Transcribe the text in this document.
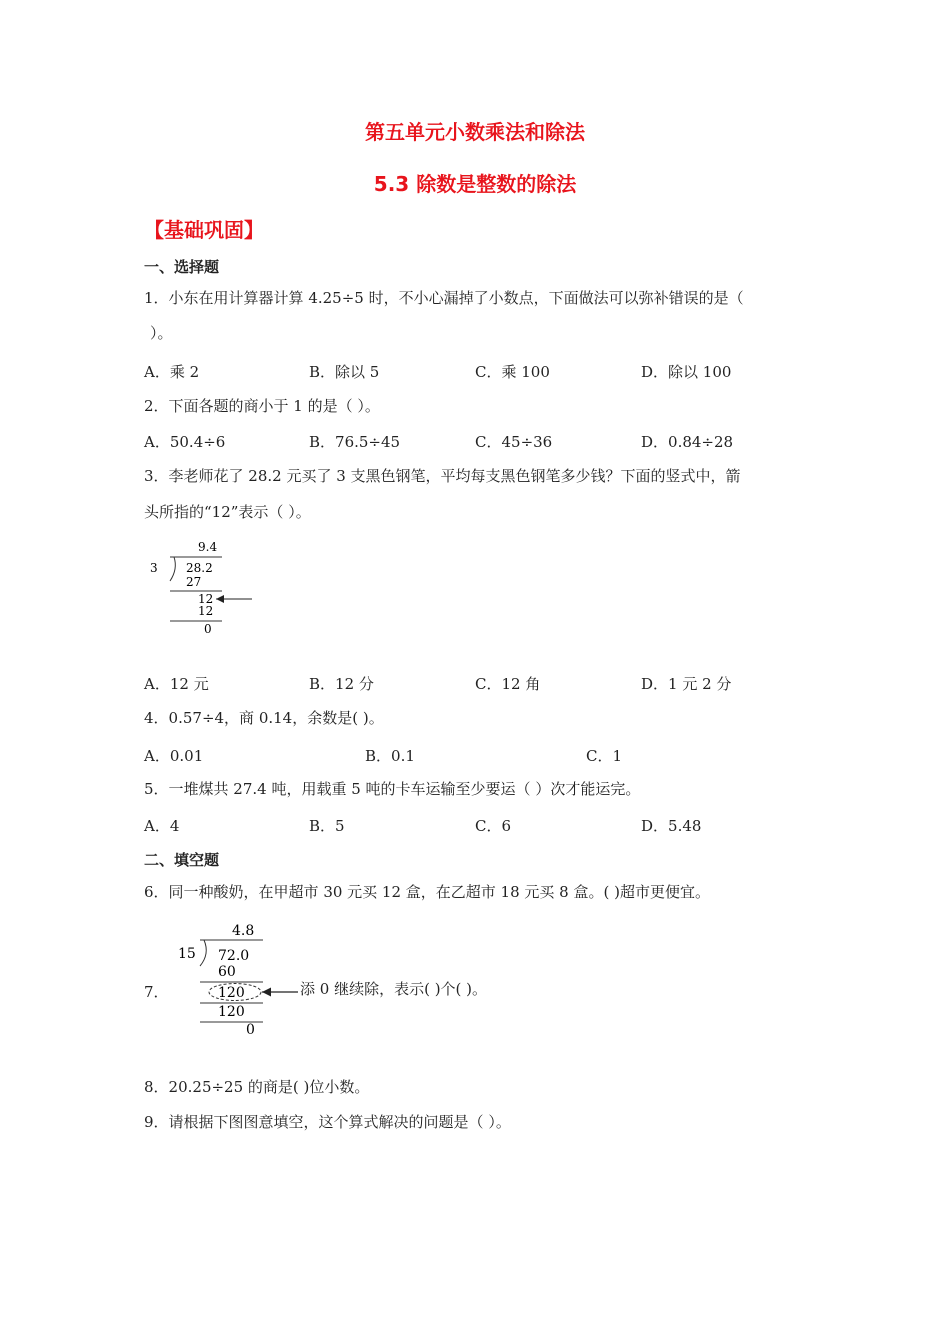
第五单元小数乘法和除法
5.3 除数是整数的除法
【基础巩固】
一、选择题
1．小东在用计算器计算 4.25÷5 时，不小心漏掉了小数点，下面做法可以弥补错误的是（
）。
A．乘 2	B．除以 5	C．乘 100	D．除以 100
2．下面各题的商小于 1 的是（ ）。
A．50.4÷6	B．76.5÷45	C．45÷36	D．0.84÷28
3．李老师花了 28.2 元买了 3 支黑色钢笔，平均每支黑色钢笔多少钱？下面的竖式中，箭
头所指的“12”表示（ ）。
3
9.4
28.2
27
12
12
0
A．12 元	B．12 分	C．12 角	D．1 元 2 分
4．0.57÷4，商 0.14，余数是( )。
A．0.01	B．0.1	C．1
5．一堆煤共 27.4 吨，用载重 5 吨的卡车运输至少要运（ ）次才能运完。
A．4	B．5	C．6	D．5.48
二、填空题
6．同一种酸奶，在甲超市 30 元买 12 盒，在乙超市 18 元买 8 盒。( )超市更便宜。
7．
15
4.8
72.0
60
120
120
0
添 0 继续除，表示( )个( )。
8．20.25÷25 的商是( )位小数。
9．请根据下图图意填空，这个算式解决的问题是（ ）。
